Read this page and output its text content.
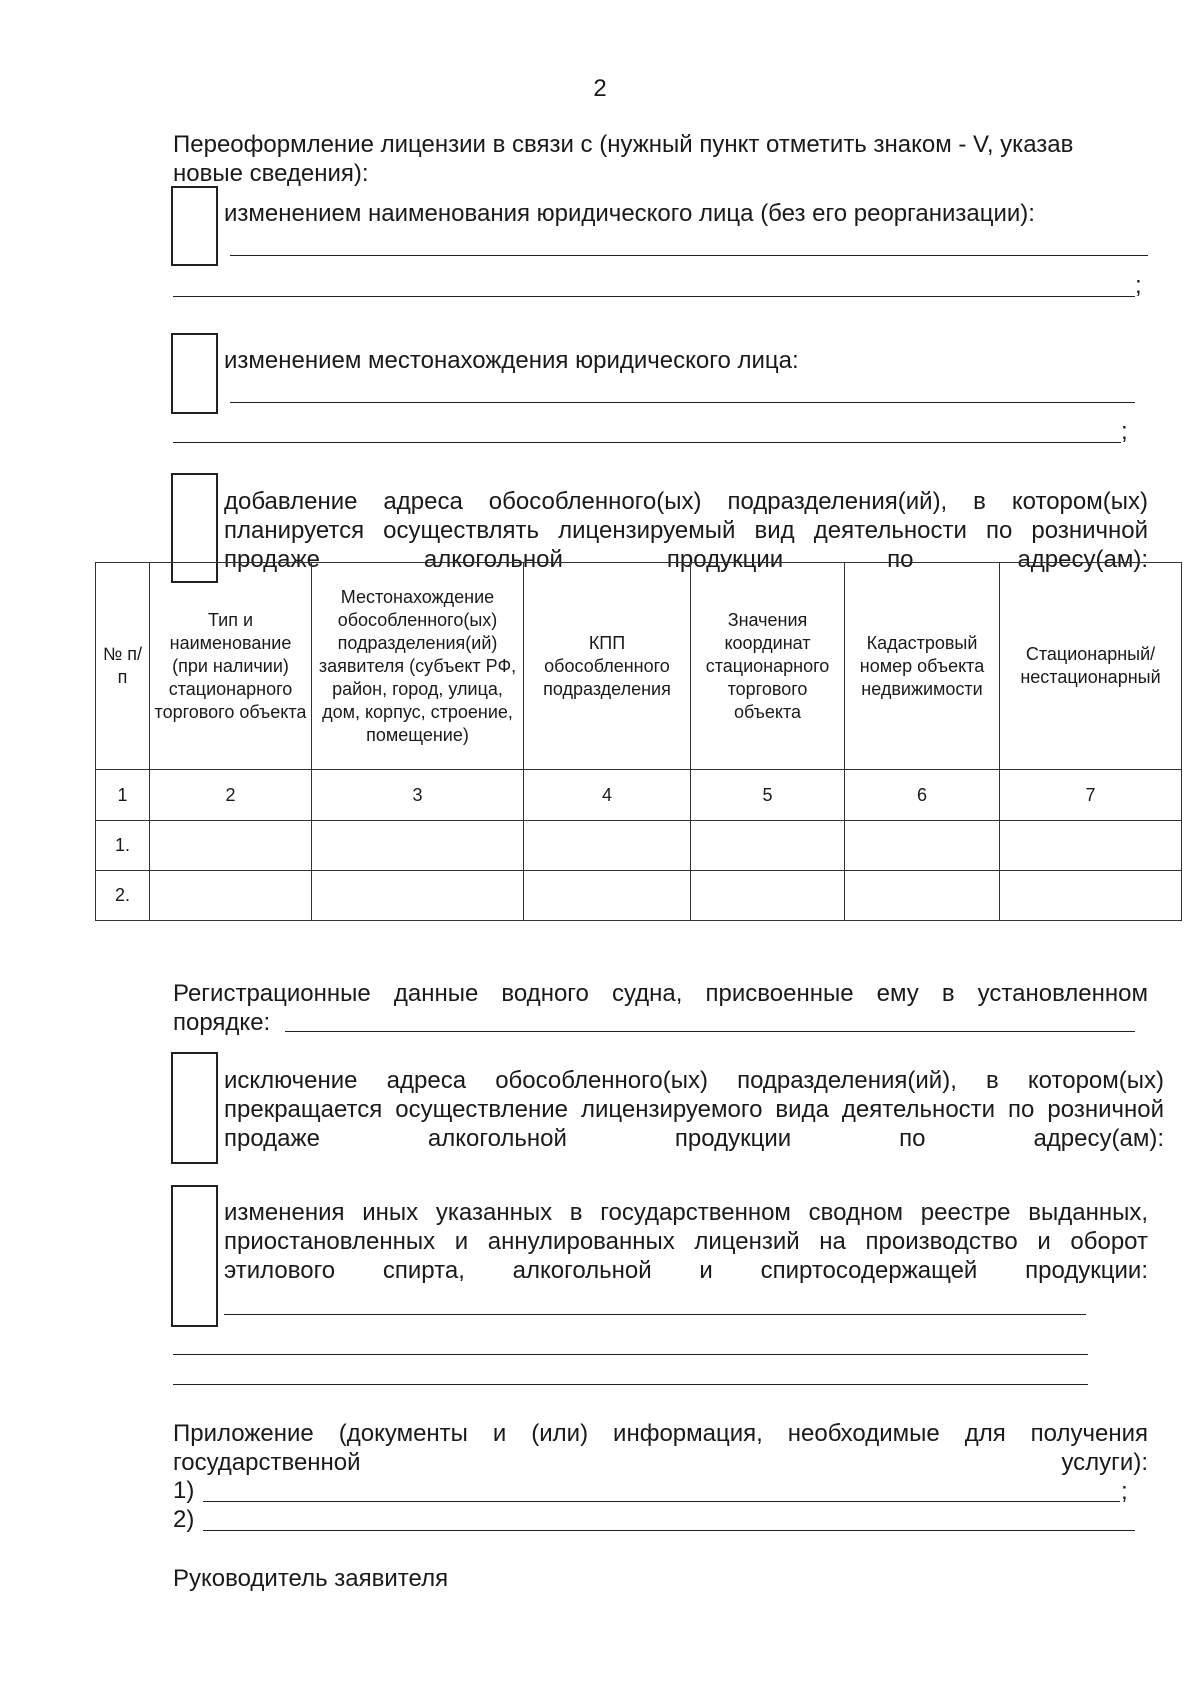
2
Переоформление лицензии в связи с (нужный пункт отметить знаком - V, указав новые сведения):
изменением наименования юридического лица (без его реорганизации):
;
изменением местонахождения юридического лица:
;
добавление адреса обособленного(ых) подразделения(ий), в котором(ых) планируется осуществлять лицензируемый вид деятельности по розничной продаже алкогольной продукции по адресу(ам):
№ п/п	Тип и наименование (при наличии) стационарного торгового объекта	Местонахождение обособленного(ых) подразделения(ий) заявителя (субъект РФ, район, город, улица, дом, корпус, строение, помещение)	КПП обособленного подразделения	Значения координат стационарного торгового объекта	Кадастровый номер объекта недвижимости	Стационарный/ нестационарный
1	2	3	4	5	6	7
1.						
2.						
Регистрационные данные водного судна, присвоенные ему в установленном
порядке:
исключение адреса обособленного(ых) подразделения(ий), в котором(ых) прекращается осуществление лицензируемого вида деятельности по розничной продаже алкогольной продукции по адресу(ам):
изменения иных указанных в государственном сводном реестре выданных, приостановленных и аннулированных лицензий на производство и оборот этилового спирта, алкогольной и спиртосодержащей продукции:
Приложение (документы и (или) информация, необходимые для получения государственной услуги):
1)	;
2)
Руководитель заявителя
